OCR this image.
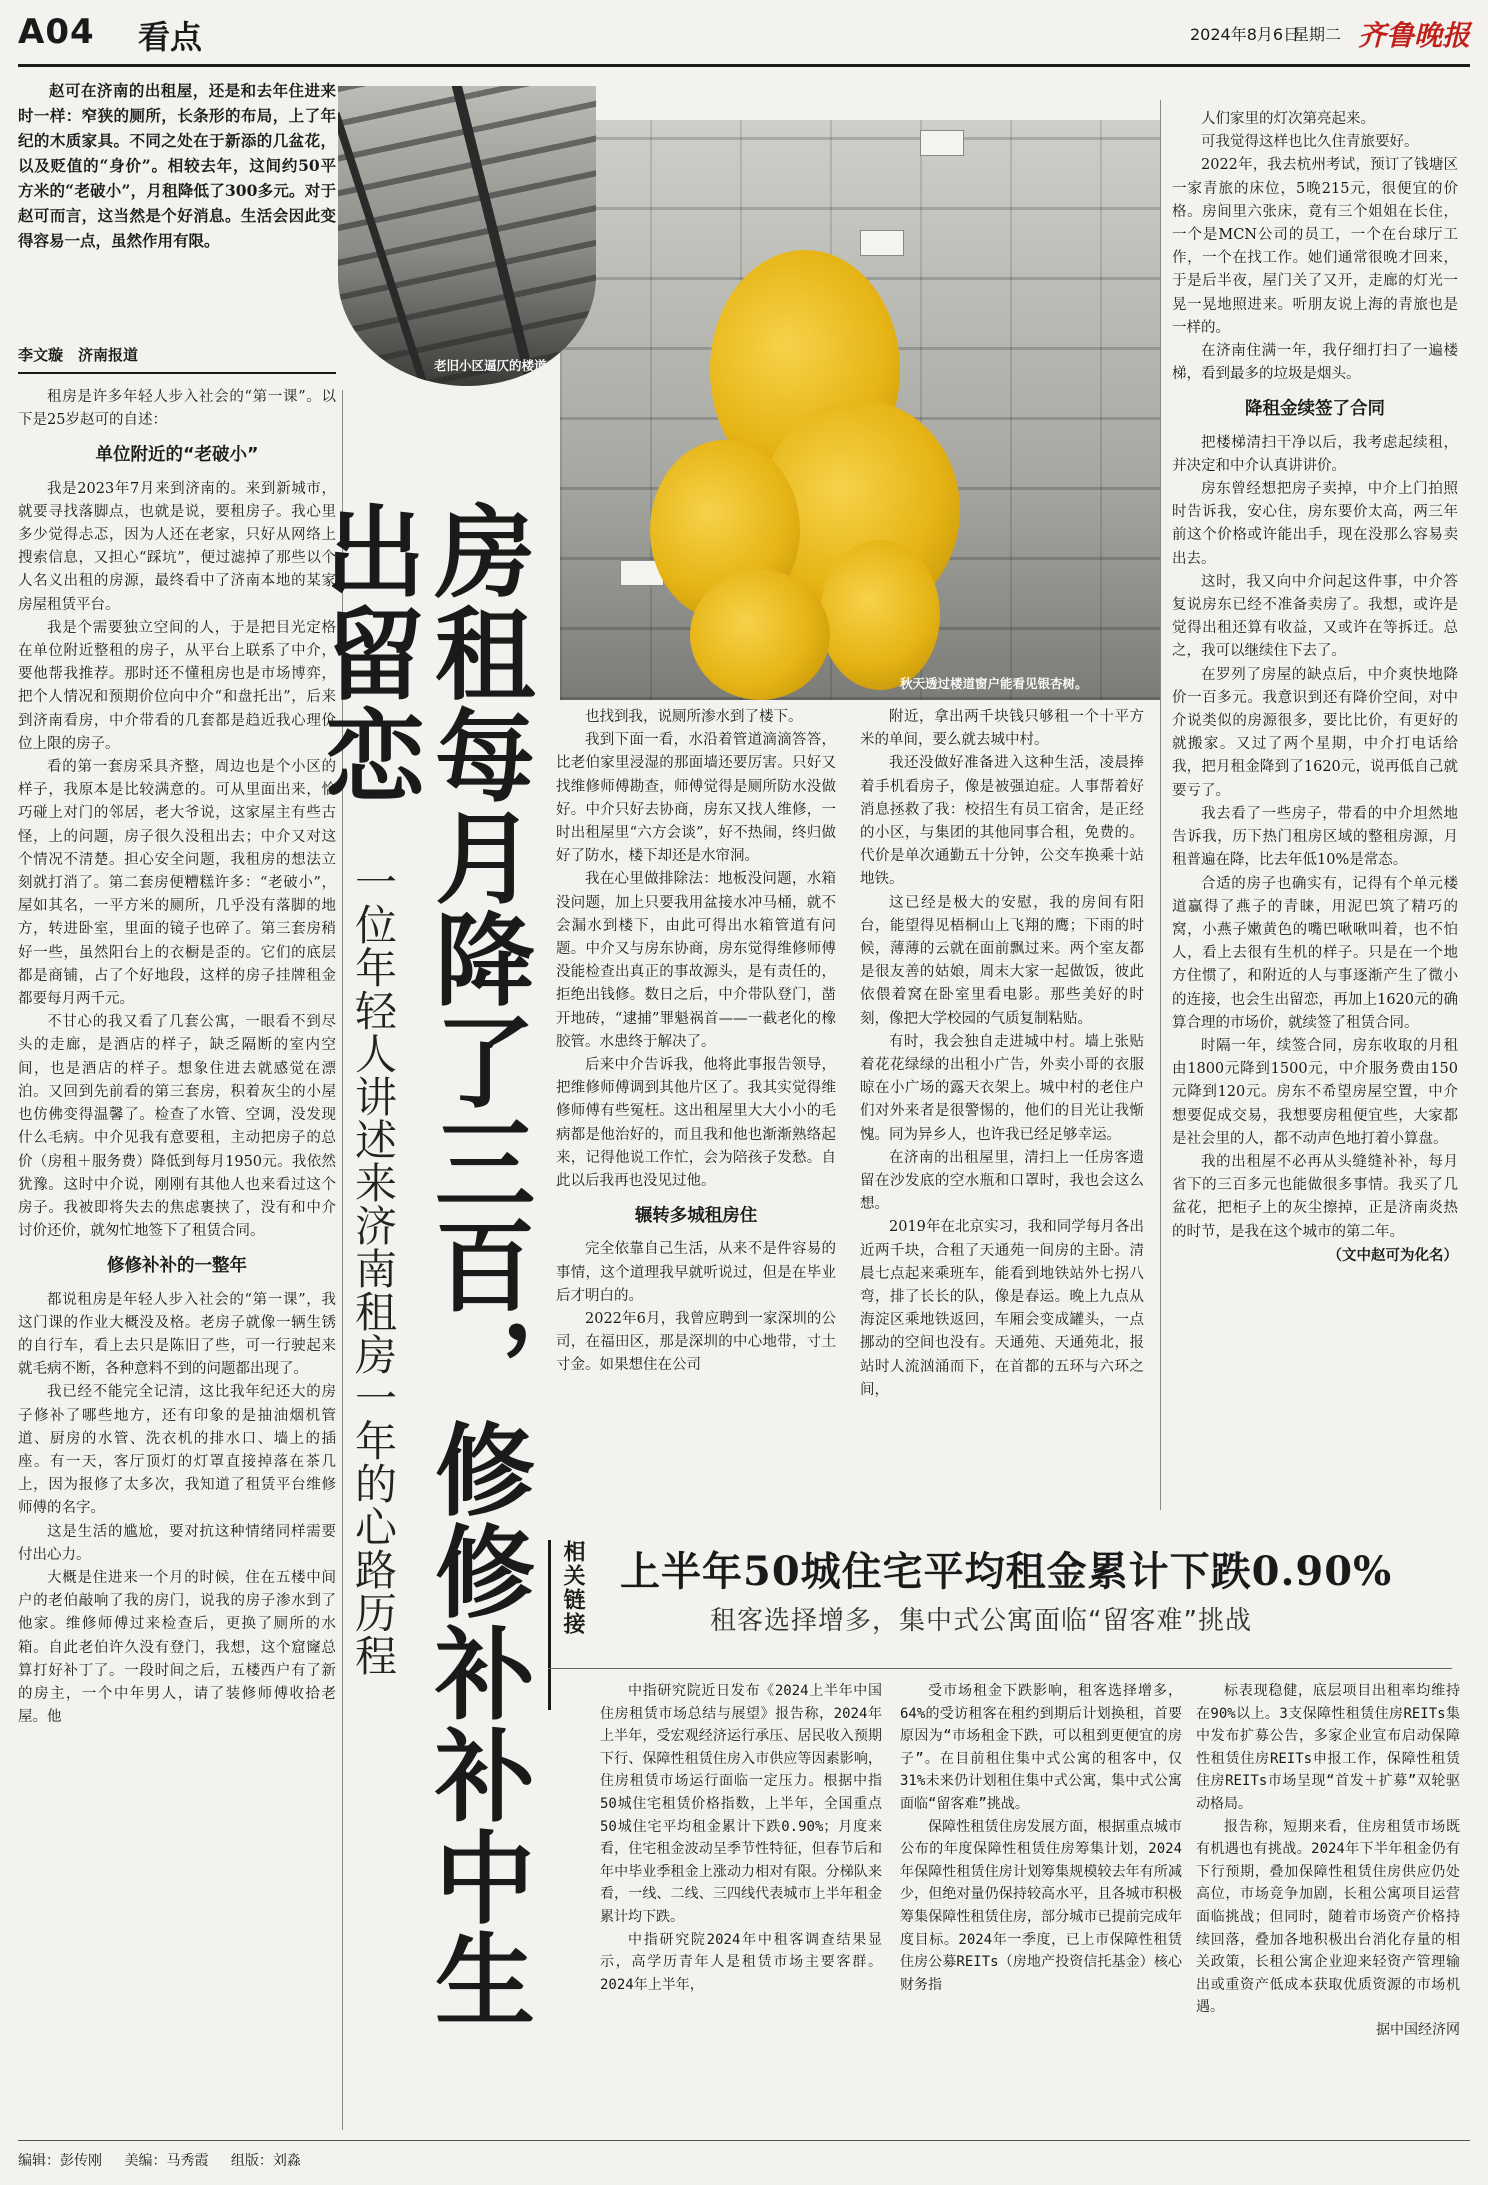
A04 看点	2024年8月6日
星期二 齐鲁晚报

赵可在济南的出租屋，还是和去年住进来时一样：窄狭的厕所，长条形的布局，上了年纪的木质家具。不同之处在于新添的几盆花，以及贬值的“身价”。相较去年，这间约50平方米的“老破小”，月租降低了300多元。对于赵可而言，这当然是个好消息。生活会因此变得容易一点，虽然作用有限。

李文璇　济南报道

租房是许多年轻人步入社会的“第一课”。以下是25岁赵可的自述：

单位附近的“老破小”

我是2023年7月来到济南的。来到新城市，就要寻找落脚点，也就是说，要租房子。我心里多少觉得忐忑，因为人还在老家，只好从网络上搜索信息，又担心“踩坑”，便过滤掉了那些以个人名义出租的房源，最终看中了济南本地的某家房屋租赁平台。

我是个需要独立空间的人，于是把目光定格在单位附近整租的房子，从平台上联系了中介，要他帮我推荐。那时还不懂租房也是市场博弈，把个人情况和预期价位向中介“和盘托出”，后来到济南看房，中介带看的几套都是趋近我心理价位上限的房子。

看的第一套房采具齐整，周边也是个小区的样子，我原本是比较满意的。可从里面出来，恰巧碰上对门的邻居，老大爷说，这家屋主有些古怪，上的问题，房子很久没租出去；中介又对这个情况不清楚。担心安全问题，我租房的想法立刻就打消了。第二套房便糟糕许多：“老破小”，屋如其名，一平方米的厕所，几乎没有落脚的地方，转进卧室，里面的镜子也碎了。第三套房稍好一些，虽然阳台上的衣橱是歪的。它们的底层都是商铺，占了个好地段，这样的房子挂牌租金都要每月两千元。

不甘心的我又看了几套公寓，一眼看不到尽头的走廊，是酒店的样子，缺乏隔断的室内空间，也是酒店的样子。想象住进去就感觉在漂泊。又回到先前看的第三套房，积着灰尘的小屋也仿佛变得温馨了。检查了水管、空调，没发现什么毛病。中介见我有意要租，主动把房子的总价（房租＋服务费）降低到每月1950元。我依然犹豫。这时中介说，刚刚有其他人也来看过这个房子。我被即将失去的焦虑裹挟了，没有和中介讨价还价，就匆忙地签下了租赁合同。

修修补补的一整年

都说租房是年轻人步入社会的“第一课”，我这门课的作业大概没及格。老房子就像一辆生锈的自行车，看上去只是陈旧了些，可一行驶起来就毛病不断，各种意料不到的问题都出现了。

我已经不能完全记清，这比我年纪还大的房子修补了哪些地方，还有印象的是抽油烟机管道、厨房的水管、洗衣机的排水口、墙上的插座。有一天，客厅顶灯的灯罩直接掉落在茶几上，因为报修了太多次，我知道了租赁平台维修师傅的名字。

这是生活的尴尬，要对抗这种情绪同样需要付出心力。

大概是住进来一个月的时候，住在五楼中间户的老伯敲响了我的房门，说我的房子渗水到了他家。维修师傅过来检查后，更换了厕所的水箱。自此老伯许久没有登门，我想，这个窟窿总算打好补丁了。一段时间之后，五楼西户有了新的房主，一个中年男人，请了装修师傅收拾老屋。他

秋天透过楼道窗户能看见银杏树。
老旧小区逼仄的楼道。
房租每月降了三百，修修补补中生出留恋
一位年轻人讲述来济南租房一年的心路历程

也找到我，说厕所渗水到了楼下。

我到下面一看，水沿着管道滴滴答答，比老伯家里浸湿的那面墙还要厉害。只好又找维修师傅勘查，师傅觉得是厕所防水没做好。中介只好去协商，房东又找人维修，一时出租屋里“六方会谈”，好不热闹，终归做好了防水，楼下却还是水帘洞。

我在心里做排除法：地板没问题，水箱没问题，加上只要我用盆接水冲马桶，就不会漏水到楼下，由此可得出水箱管道有问题。中介又与房东协商，房东觉得维修师傅没能检查出真正的事故源头，是有责任的，拒绝出钱修。数日之后，中介带队登门，凿开地砖，“逮捕”罪魁祸首——一截老化的橡胶管。水患终于解决了。

后来中介告诉我，他将此事报告领导，把维修师傅调到其他片区了。我其实觉得维修师傅有些冤枉。这出租屋里大大小小的毛病都是他治好的，而且我和他也渐渐熟络起来，记得他说工作忙，会为陪孩子发愁。自此以后我再也没见过他。

辗转多城租房住

完全依靠自己生活，从来不是件容易的事情，这个道理我早就听说过，但是在毕业后才明白的。

2022年6月，我曾应聘到一家深圳的公司，在福田区，那是深圳的中心地带，寸土寸金。如果想住在公司

附近，拿出两千块钱只够租一个十平方米的单间，要么就去城中村。

我还没做好准备进入这种生活，凌晨捧着手机看房子，像是被强迫症。人事帮着好消息拯救了我：校招生有员工宿舍，是正经的小区，与集团的其他同事合租，免费的。代价是单次通勤五十分钟，公交车换乘十站地铁。

这已经是极大的安慰，我的房间有阳台，能望得见梧桐山上飞翔的鹰；下雨的时候，薄薄的云就在面前飘过来。两个室友都是很友善的姑娘，周末大家一起做饭，彼此依偎着窝在卧室里看电影。那些美好的时刻，像把大学校园的气质复制粘贴。

有时，我会独自走进城中村。墙上张贴着花花绿绿的出租小广告，外卖小哥的衣服晾在小广场的露天衣架上。城中村的老住户们对外来者是很警惕的，他们的目光让我惭愧。同为异乡人，也许我已经足够幸运。

在济南的出租屋里，清扫上一任房客遗留在沙发底的空水瓶和口罩时，我也会这么想。

2019年在北京实习，我和同学每月各出近两千块，合租了天通苑一间房的主卧。清晨七点起来乘班车，能看到地铁站外七拐八弯，排了长长的队，像是春运。晚上九点从海淀区乘地铁返回，车厢会变成罐头，一点挪动的空间也没有。天通苑、天通苑北，报站时人流汹涌而下，在首都的五环与六环之间，

人们家里的灯次第亮起来。

可我觉得这样也比久住青旅要好。

2022年，我去杭州考试，预订了钱塘区一家青旅的床位，5晚215元，很便宜的价格。房间里六张床，竟有三个姐姐在长住，一个是MCN公司的员工，一个在台球厅工作，一个在找工作。她们通常很晚才回来，于是后半夜，屋门关了又开，走廊的灯光一晃一晃地照进来。听朋友说上海的青旅也是一样的。

在济南住满一年，我仔细打扫了一遍楼梯，看到最多的垃圾是烟头。

降租金续签了合同

把楼梯清扫干净以后，我考虑起续租，并决定和中介认真讲讲价。

房东曾经想把房子卖掉，中介上门拍照时告诉我，安心住，房东要价太高，两三年前这个价格或许能出手，现在没那么容易卖出去。

这时，我又向中介问起这件事，中介答复说房东已经不准备卖房了。我想，或许是觉得出租还算有收益，又或许在等拆迁。总之，我可以继续住下去了。

在罗列了房屋的缺点后，中介爽快地降价一百多元。我意识到还有降价空间，对中介说类似的房源很多，要比比价，有更好的就搬家。又过了两个星期，中介打电话给我，把月租金降到了1620元，说再低自己就要亏了。

我去看了一些房子，带看的中介坦然地告诉我，历下热门租房区域的整租房源，月租普遍在降，比去年低10%是常态。

合适的房子也确实有，记得有个单元楼道贏得了燕子的青睐，用泥巴筑了精巧的窝，小燕子嫩黄色的嘴巴啾啾叫着，也不怕人，看上去很有生机的样子。只是在一个地方住惯了，和附近的人与事逐渐产生了微小的连接，也会生出留恋，再加上1620元的确算合理的市场价，就续签了租赁合同。

时隔一年，续签合同，房东收取的月租由1800元降到1500元，中介服务费由150元降到120元。房东不希望房屋空置，中介想要促成交易，我想要房租便宜些，大家都是社会里的人，都不动声色地打着小算盘。

我的出租屋不必再从头缝缝补补，每月省下的三百多元也能做很多事情。我买了几盆花，把柜子上的灰尘擦掉，正是济南炎热的时节，是我在这个城市的第二年。

（文中赵可为化名）

相关链接 上半年50城住宅平均租金累计下跌0.90%
租客选择增多，集中式公寓面临“留客难”挑战

中指研究院近日发布《2024上半年中国住房租赁市场总结与展望》报告称，2024年上半年，受宏观经济运行承压、居民收入预期下行、保障性租赁住房入市供应等因素影响，住房租赁市场运行面临一定压力。根据中指50城住宅租赁价格指数，上半年，全国重点50城住宅平均租金累计下跌0.90%；月度来看，住宅租金波动呈季节性特征，但春节后和年中毕业季租金上涨动力相对有限。分梯队来看，一线、二线、三四线代表城市上半年租金累计均下跌。

中指研究院2024年中租客调查结果显示，高学历青年人是租赁市场主要客群。2024年上半年，

受市场租金下跌影响，租客选择增多，64%的受访租客在租约到期后计划换租，首要原因为“市场租金下跌，可以租到更便宜的房子”。在目前租住集中式公寓的租客中，仅31%未来仍计划租住集中式公寓，集中式公寓面临“留客难”挑战。

保障性租赁住房发展方面，根据重点城市公布的年度保障性租赁住房筹集计划，2024年保障性租赁住房计划筹集规模较去年有所减少，但绝对量仍保持较高水平，且各城市积极筹集保障性租赁住房，部分城市已提前完成年度目标。2024年一季度，已上市保障性租赁住房公募REITs（房地产投资信托基金）核心财务指

标表现稳健，底层项目出租率均维持在90%以上。3支保障性租赁住房REITs集中发布扩募公告，多家企业宣布启动保障性租赁住房REITs申报工作，保障性租赁住房REITs市场呈现“首发＋扩募”双轮驱动格局。

报告称，短期来看，住房租赁市场既有机遇也有挑战。2024年下半年租金仍有下行预期，叠加保障性租赁住房供应仍处高位，市场竞争加剧，长租公寓项目运营面临挑战；但同时，随着市场资产价格持续回落，叠加各地积极出台消化存量的相关政策，长租公寓企业迎来轻资产管理输出或重资产低成本获取优质资源的市场机遇。

据中国经济网

编辑：彭传刚 美编：马秀霞 组版：刘淼
